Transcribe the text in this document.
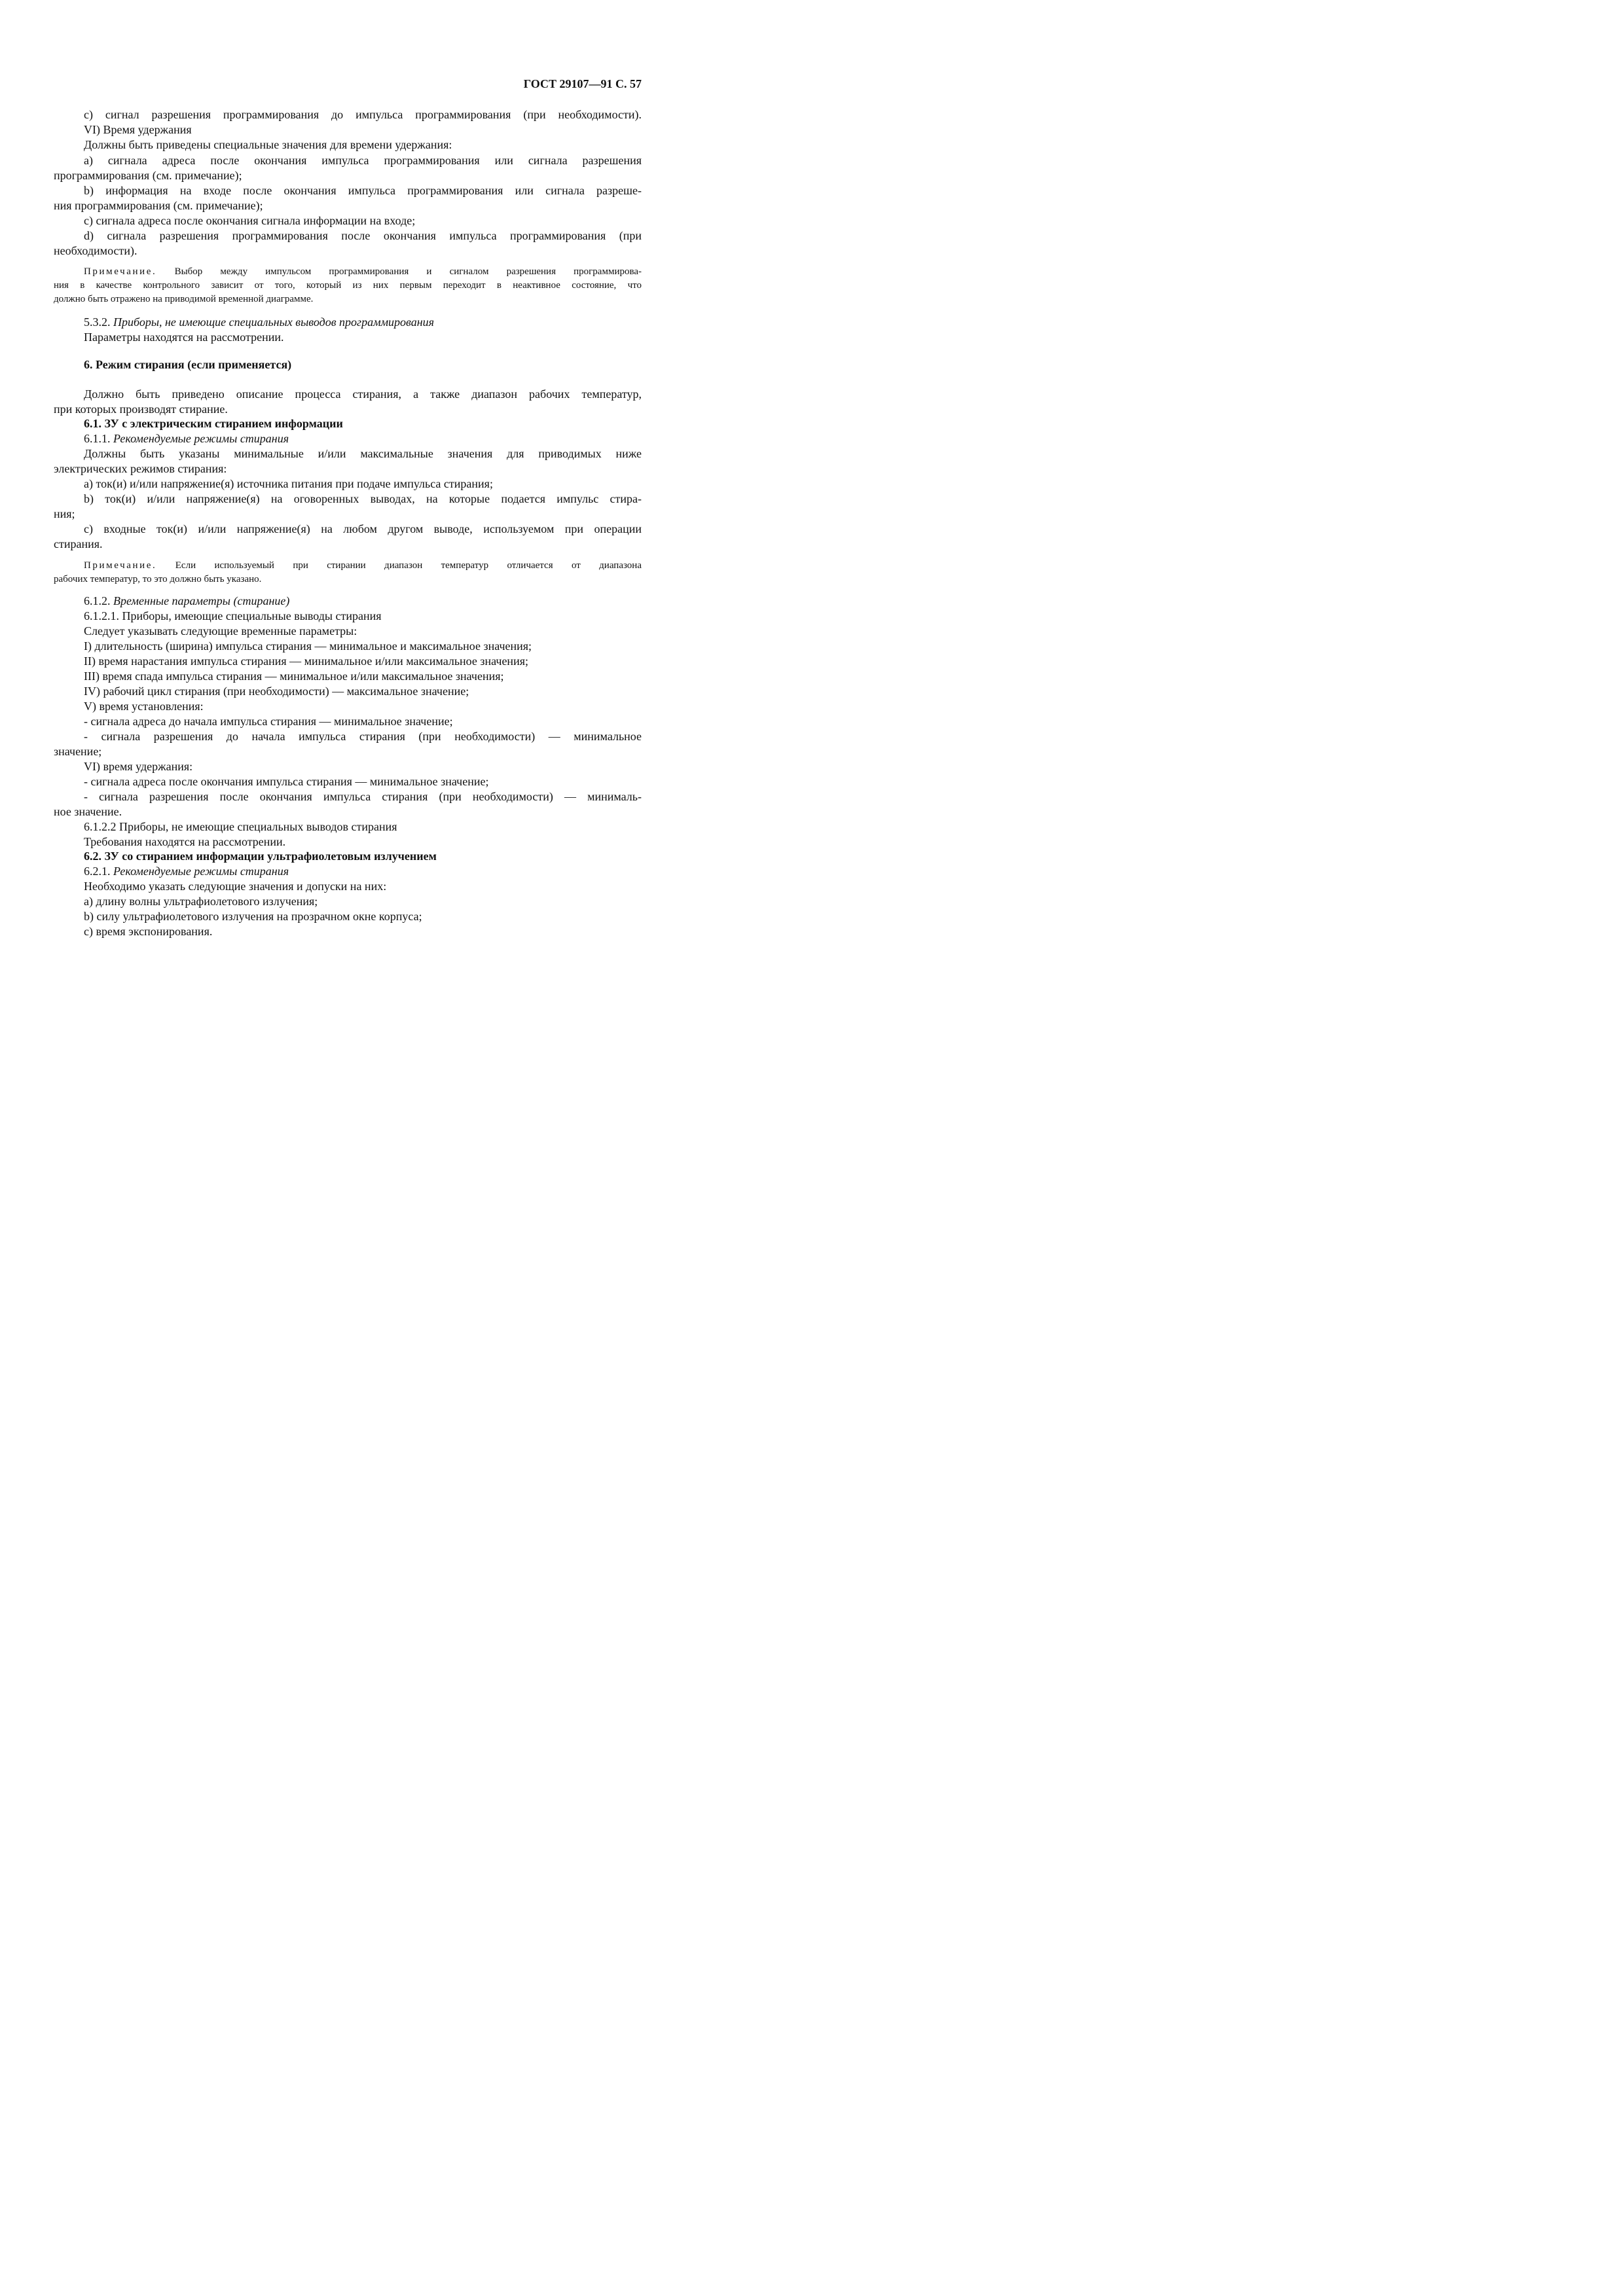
ГОСТ 29107—91 С. 57
c) сигнал разрешения программирования до импульса программирования (при необходимости).
VI) Время удержания
Должны быть приведены специальные значения для времени удержания:
a) сигнала адреса после окончания импульса программирования или сигнала разрешения
программирования (см. примечание);
b) информация на входе после окончания импульса программирования или сигнала разреше-
ния программирования (см. примечание);
c) сигнала адреса после окончания сигнала информации на входе;
d) сигнала разрешения программирования после окончания импульса программирования (при
необходимости).
Примечание. Выбор между импульсом программирования и сигналом разрешения программирова-
ния в качестве контрольного зависит от того, который из них первым переходит в неактивное состояние, что
должно быть отражено на приводимой временной диаграмме.
5.3.2. Приборы, не имеющие специальных выводов программирования
Параметры находятся на рассмотрении.
6. Режим стирания (если применяется)
Должно быть приведено описание процесса стирания, а также диапазон рабочих температур,
при которых производят стирание.
6.1. ЗУ с электрическим стиранием информации
6.1.1. Рекомендуемые режимы стирания
Должны быть указаны минимальные и/или максимальные значения для приводимых ниже
электрических режимов стирания:
a) ток(и) и/или напряжение(я) источника питания при подаче импульса стирания;
b) ток(и) и/или напряжение(я) на оговоренных выводах, на которые подается импульс стира-
ния;
c) входные ток(и) и/или напряжение(я) на любом другом выводе, используемом при операции
стирания.
Примечание. Если используемый при стирании диапазон температур отличается от диапазона
рабочих температур, то это должно быть указано.
6.1.2. Временные параметры (стирание)
6.1.2.1. Приборы, имеющие специальные выводы стирания
Следует указывать следующие временные параметры:
I) длительность (ширина) импульса стирания — минимальное и максимальное значения;
II) время нарастания импульса стирания — минимальное и/или максимальное значения;
III) время спада импульса стирания — минимальное и/или максимальное значения;
IV) рабочий цикл стирания (при необходимости) — максимальное значение;
V) время установления:
- сигнала адреса до начала импульса стирания — минимальное значение;
- сигнала разрешения до начала импульса стирания (при необходимости) — минимальное
значение;
VI) время удержания:
- сигнала адреса после окончания импульса стирания — минимальное значение;
- сигнала разрешения после окончания импульса стирания (при необходимости) — минималь-
ное значение.
6.1.2.2 Приборы, не имеющие специальных выводов стирания
Требования находятся на рассмотрении.
6.2. ЗУ со стиранием информации ультрафиолетовым излучением
6.2.1. Рекомендуемые режимы стирания
Необходимо указать следующие значения и допуски на них:
a) длину волны ультрафиолетового излучения;
b) силу ультрафиолетового излучения на прозрачном окне корпуса;
c) время экспонирования.
